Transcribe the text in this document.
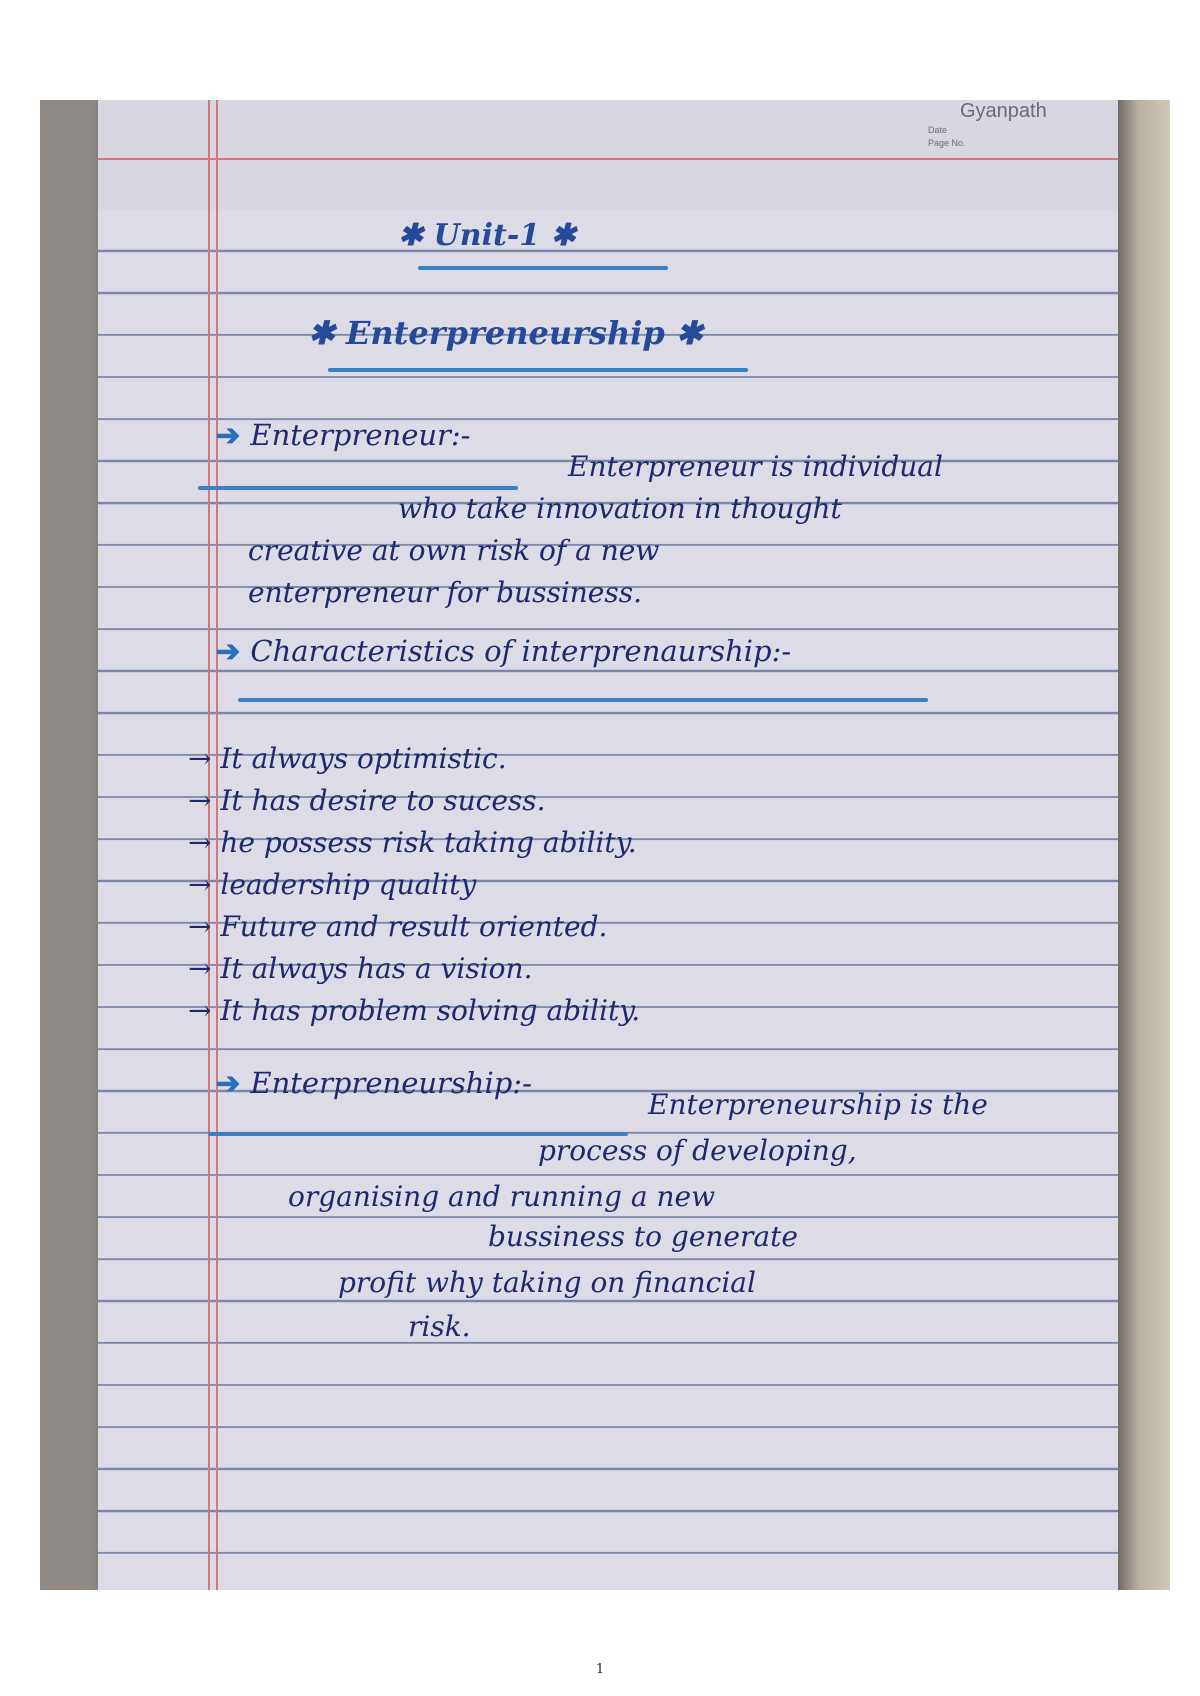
Gyanpath
Date
Page No.
✱ Unit-1 ✱
✱ Enterpreneurship ✱
➔ Enterpreneur:-
Enterpreneur is individual
who take innovation in thought
creative at own risk of a new
enterpreneur for bussiness.
➔ Characteristics of interprenaurship:-
→ It always optimistic.
→ It has desire to sucess.
→ he possess risk taking ability.
→ leadership quality
→ Future and result oriented.
→ It always has a vision.
→ It has problem solving ability.
➔ Enterpreneurship:-
Enterpreneurship is the
process of developing,
organising and running a new
bussiness to generate
profit why taking on financial
risk.
1
